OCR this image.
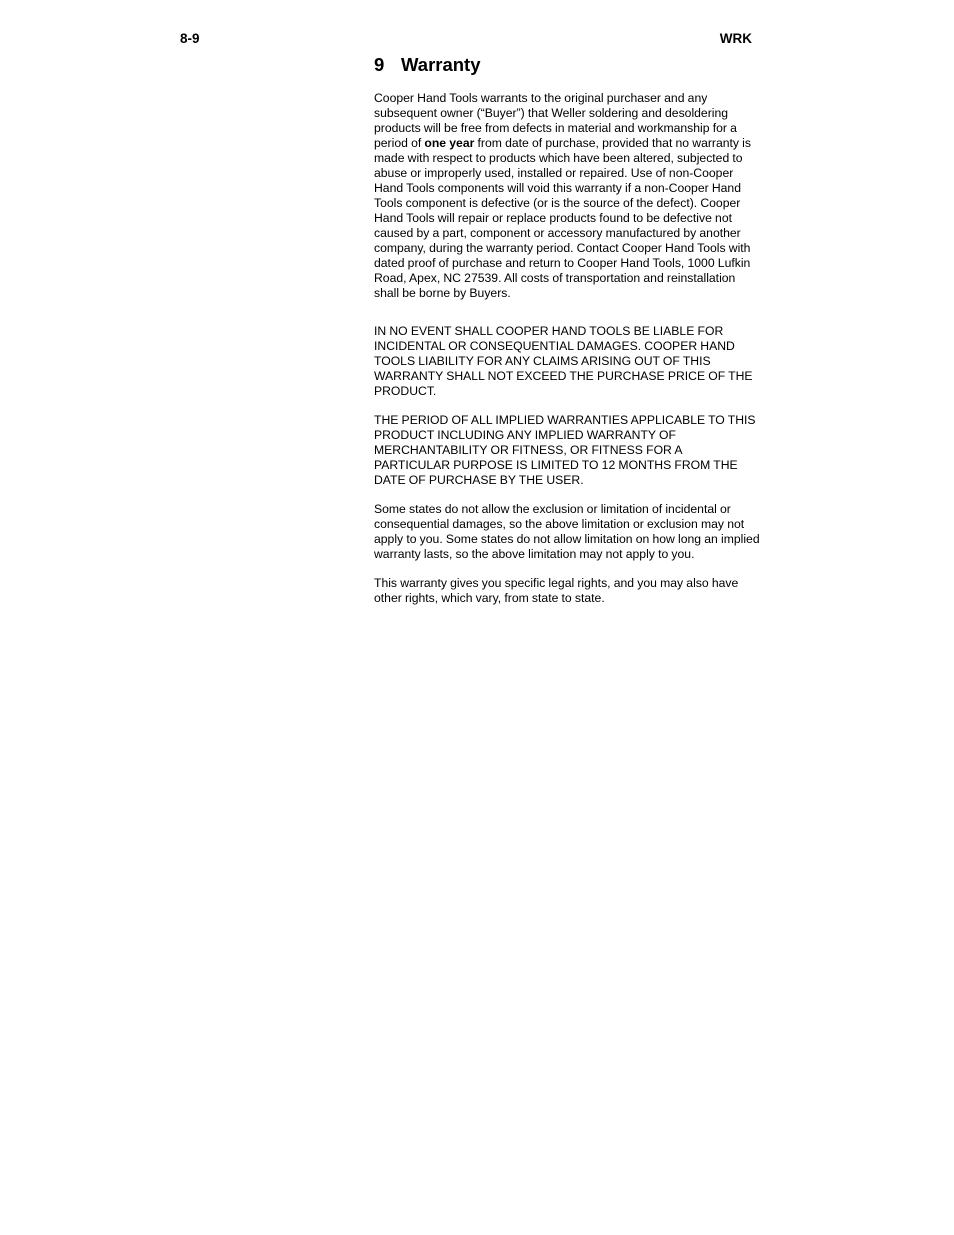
8-9	WRK
9 Warranty

Cooper Hand Tools warrants to the original purchaser and any subsequent owner (“Buyer”) that Weller soldering and desoldering products will be free from defects in material and workmanship for a period of one year from date of purchase, provided that no warranty is made with respect to products which have been altered, subjected to abuse or improperly used, installed or repaired. Use of non-Cooper Hand Tools components will void this warranty if a non-Cooper Hand Tools component is defective (or is the source of the defect). Cooper Hand Tools will repair or replace products found to be defective not caused by a part, component or accessory manufactured by another company, during the warranty period. Contact Cooper Hand Tools with dated proof of purchase and return to Cooper Hand Tools, 1000 Lufkin Road, Apex, NC 27539. All costs of transportation and reinstallation shall be borne by Buyers.

IN NO EVENT SHALL COOPER HAND TOOLS BE LIABLE FOR INCIDENTAL OR CONSEQUENTIAL DAMAGES. COOPER HAND TOOLS LIABILITY FOR ANY CLAIMS ARISING OUT OF THIS WARRANTY SHALL NOT EXCEED THE PURCHASE PRICE OF THE PRODUCT.

THE PERIOD OF ALL IMPLIED WARRANTIES APPLICABLE TO THIS PRODUCT INCLUDING ANY IMPLIED WARRANTY OF MERCHANTABILITY OR FITNESS, OR FITNESS FOR A PARTICULAR PURPOSE IS LIMITED TO 12 MONTHS FROM THE DATE OF PURCHASE BY THE USER.

Some states do not allow the exclusion or limitation of incidental or consequential damages, so the above limitation or exclusion may not apply to you. Some states do not allow limitation on how long an implied warranty lasts, so the above limitation may not apply to you.

This warranty gives you specific legal rights, and you may also have other rights, which vary, from state to state.
